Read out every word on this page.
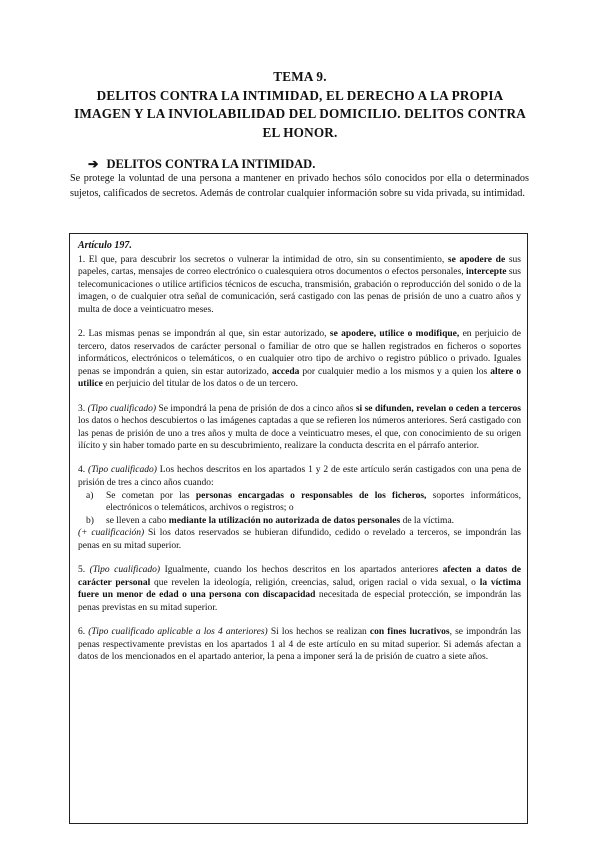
TEMA 9.
DELITOS CONTRA LA INTIMIDAD, EL DERECHO A LA PROPIA
IMAGEN Y LA INVIOLABILIDAD DEL DOMICILIO. DELITOS CONTRA
EL HONOR.
➔ DELITOS CONTRA LA INTIMIDAD.
Se protege la voluntad de una persona a mantener en privado hechos sólo conocidos por ella o determinados sujetos, calificados de secretos. Además de controlar cualquier información sobre su vida privada, su intimidad.
Artículo 197.

1. El que, para descubrir los secretos o vulnerar la intimidad de otro, sin su consentimiento, se apodere de sus papeles, cartas, mensajes de correo electrónico o cualesquiera otros documentos o efectos personales, intercepte sus telecomunicaciones o utilice artificios técnicos de escucha, transmisión, grabación o reproducción del sonido o de la imagen, o de cualquier otra señal de comunicación, será castigado con las penas de prisión de uno a cuatro años y multa de doce a veinticuatro meses.

2. Las mismas penas se impondrán al que, sin estar autorizado, se apodere, utilice o modifique, en perjuicio de tercero, datos reservados de carácter personal o familiar de otro que se hallen registrados en ficheros o soportes informáticos, electrónicos o telemáticos, o en cualquier otro tipo de archivo o registro público o privado. Iguales penas se impondrán a quien, sin estar autorizado, acceda por cualquier medio a los mismos y a quien los altere o utilice en perjuicio del titular de los datos o de un tercero.

3. (Tipo cualificado) Se impondrá la pena de prisión de dos a cinco años si se difunden, revelan o ceden a terceros los datos o hechos descubiertos o las imágenes captadas a que se refieren los números anteriores. Será castigado con las penas de prisión de uno a tres años y multa de doce a veinticuatro meses, el que, con conocimiento de su origen ilícito y sin haber tomado parte en su descubrimiento, realizare la conducta descrita en el párrafo anterior.

4. (Tipo cualificado) Los hechos descritos en los apartados 1 y 2 de este artículo serán castigados con una pena de prisión de tres a cinco años cuando:
a)	Se cometan por las personas encargadas o responsables de los ficheros, soportes informáticos, electrónicos o telemáticos, archivos o registros; o
b)	se lleven a cabo mediante la utilización no autorizada de datos personales de la víctima.
(+ cualificación) Si los datos reservados se hubieran difundido, cedido o revelado a terceros, se impondrán las penas en su mitad superior.

5. (Tipo cualificado) Igualmente, cuando los hechos descritos en los apartados anteriores afecten a datos de carácter personal que revelen la ideología, religión, creencias, salud, origen racial o vida sexual, o la víctima fuere un menor de edad o una persona con discapacidad necesitada de especial protección, se impondrán las penas previstas en su mitad superior.

6. (Tipo cualificado aplicable a los 4 anteriores) Si los hechos se realizan con fines lucrativos, se impondrán las penas respectivamente previstas en los apartados 1 al 4 de este artículo en su mitad superior. Si además afectan a datos de los mencionados en el apartado anterior, la pena a imponer será la de prisión de cuatro a siete años.
